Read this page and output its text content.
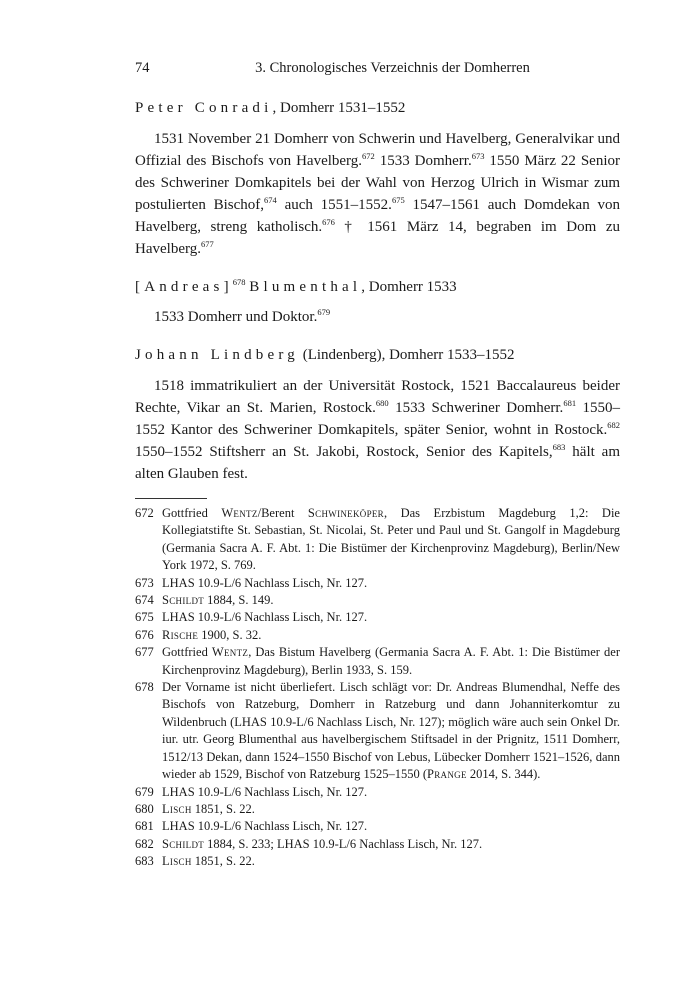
74	3. Chronologisches Verzeichnis der Domherren

Peter Conradi, Domherr 1531–1552

1531 November 21 Domherr von Schwerin und Havelberg, Generalvikar und Offizial des Bischofs von Havelberg.$^{672}$ 1533 Domherr.$^{673}$ 1550 März 22 Senior des Schweriner Domkapitels bei der Wahl von Herzog Ulrich in Wismar zum postulierten Bischof,$^{674}$ auch 1551–1552.$^{675}$ 1547–1561 auch Domdekan von Havelberg, streng katholisch.$^{676}$ † 1561 März 14, begraben im Dom zu Havelberg.$^{677}$

[Andreas]$^{678}$ Blumenthal, Domherr 1533

1533 Domherr und Doktor.$^{679}$

Johann Lindberg (Lindenberg), Domherr 1533–1552

1518 immatrikuliert an der Universität Rostock, 1521 Baccalaureus beider Rechte, Vikar an St. Marien, Rostock.$^{680}$ 1533 Schweriner Domherr.$^{681}$ 1550–1552 Kantor des Schweriner Domkapitels, später Senior, wohnt in Rostock.$^{682}$ 1550–1552 Stiftsherr an St. Jakobi, Rostock, Senior des Kapitels,$^{683}$ hält am alten Glauben fest.

672 Gottfried Wentz/Berent Schwineköper, Das Erzbistum Magdeburg 1,2: Die Kollegiatstifte St. Sebastian, St. Nicolai, St. Peter und Paul und St. Gangolf in Magdeburg (Germania Sacra A. F. Abt. 1: Die Bistümer der Kirchenprovinz Magdeburg), Berlin/New York 1972, S. 769.
673 LHAS 10.9-L/6 Nachlass Lisch, Nr. 127.
674 Schildt 1884, S. 149.
675 LHAS 10.9-L/6 Nachlass Lisch, Nr. 127.
676 Rische 1900, S. 32.
677 Gottfried Wentz, Das Bistum Havelberg (Germania Sacra A. F. Abt. 1: Die Bistümer der Kirchenprovinz Magdeburg), Berlin 1933, S. 159.
678 Der Vorname ist nicht überliefert. Lisch schlägt vor: Dr. Andreas Blumendhal, Neffe des Bischofs von Ratzeburg, Domherr in Ratzeburg und dann Johanniterkomtur zu Wildenbruch (LHAS 10.9-L/6 Nachlass Lisch, Nr. 127); möglich wäre auch sein Onkel Dr. iur. utr. Georg Blumenthal aus havelbergischem Stiftsadel in der Prignitz, 1511 Domherr, 1512/13 Dekan, dann 1524–1550 Bischof von Lebus, Lübecker Domherr 1521–1526, dann wieder ab 1529, Bischof von Ratzeburg 1525–1550 (Prange 2014, S. 344).
679 LHAS 10.9-L/6 Nachlass Lisch, Nr. 127.
680 Lisch 1851, S. 22.
681 LHAS 10.9-L/6 Nachlass Lisch, Nr. 127.
682 Schildt 1884, S. 233; LHAS 10.9-L/6 Nachlass Lisch, Nr. 127.
683 Lisch 1851, S. 22.
